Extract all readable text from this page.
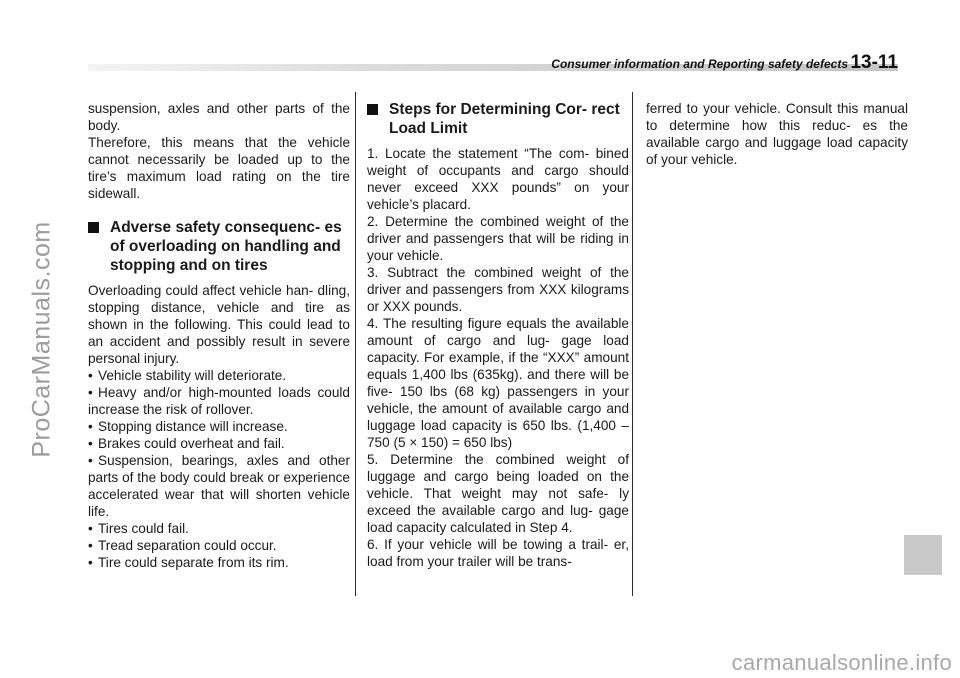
ProCarManuals.com
Consumer information and Reporting safety defects 13-11

suspension, axles and other parts of the body.

Therefore, this means that the vehicle cannot necessarily be loaded up to the tire’s maximum load rating on the tire sidewall.

Adverse safety consequenc- es of overloading on handling and stopping and on tires

Overloading could affect vehicle han- dling, stopping distance, vehicle and tire as shown in the following. This could lead to an accident and possibly result in severe personal injury.

• Vehicle stability will deteriorate.

• Heavy and/or high-mounted loads could increase the risk of rollover.

• Stopping distance will increase.

• Brakes could overheat and fail.

• Suspension, bearings, axles and other parts of the body could break or experience accelerated wear that will shorten vehicle life.

• Tires could fail.

• Tread separation could occur.

• Tire could separate from its rim.

Steps for Determining Cor- rect Load Limit

1. Locate the statement “The com- bined weight of occupants and cargo should never exceed XXX pounds” on your vehicle’s placard.

2. Determine the combined weight of the driver and passengers that will be riding in your vehicle.

3. Subtract the combined weight of the driver and passengers from XXX kilograms or XXX pounds.

4. The resulting figure equals the available amount of cargo and lug- gage load capacity. For example, if the “XXX” amount equals 1,400 lbs (635kg). and there will be five- 150 lbs (68 kg) passengers in your vehicle, the amount of available cargo and luggage load capacity is 650 lbs. (1,400 – 750 (5 × 150) = 650 lbs)

5. Determine the combined weight of luggage and cargo being loaded on the vehicle. That weight may not safe- ly exceed the available cargo and lug- gage load capacity calculated in Step 4.

6. If your vehicle will be towing a trail- er, load from your trailer will be trans-

ferred to your vehicle. Consult this manual to determine how this reduc- es the available cargo and luggage load capacity of your vehicle.

carmanualsonline.info
